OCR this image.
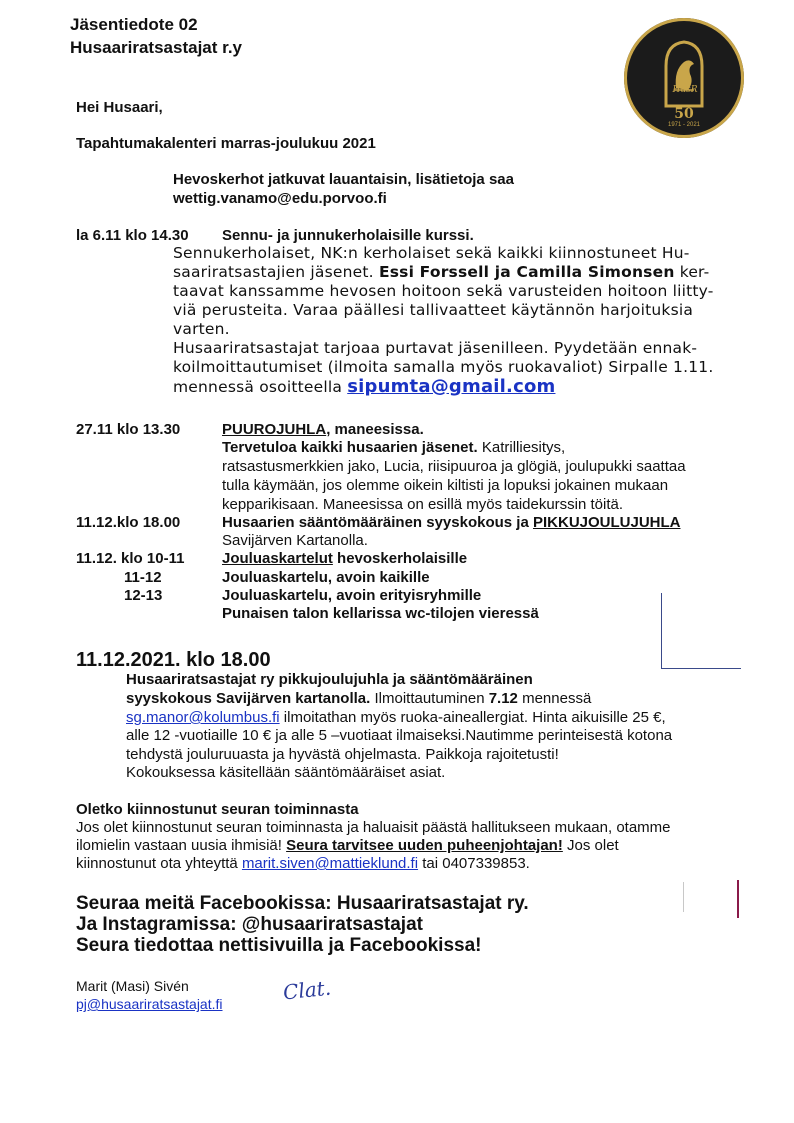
Jäsentiedote 02
Husaariratsastajat r.y
HusR
50
1971 - 2021
Hei Husaari,
Tapahtumakalenteri marras-joulukuu 2021
Hevoskerhot jatkuvat lauantaisin, lisätietoja saa
wettig.vanamo@edu.porvoo.fi
la 6.11 klo 14.30 Sennu- ja junnukerholaisille kurssi.
Sennukerholaiset, NK:n kerholaiset sekä kaikki kiinnostuneet Hu-
saariratsastajien jäsenet. Essi Forssell ja Camilla Simonsen ker-
taavat kanssamme hevosen hoitoon sekä varusteiden hoitoon liitty-
viä perusteita. Varaa päällesi tallivaatteet käytännön harjoituksia
varten.
Husaariratsastajat tarjoaa purtavat jäsenilleen. Pyydetään ennak-
koilmoittautumiset (ilmoita samalla myös ruokavaliot) Sirpalle 1.11.
mennessä osoitteella sipumta@gmail.com
27.11 klo 13.30	PUUROJUHLA, maneesissa.
Tervetuloa kaikki husaarien jäsenet. Katrilliesitys,
ratsastusmerkkien jako, Lucia, riisipuuroa ja glögiä, joulupukki saattaa
tulla käymään, jos olemme oikein kiltisti ja lopuksi jokainen mukaan
kepparikisaan. Maneesissa on esillä myös taidekurssin töitä.
11.12.klo 18.00	Husaarien sääntömääräinen syyskokous ja PIKKUJOULUJUHLA
Savijärven Kartanolla.
11.12. klo 10-11	Jouluaskartelut hevoskerholaisille
11-12	Jouluaskartelu, avoin kaikille
12-13	Jouluaskartelu, avoin erityisryhmille
Punaisen talon kellarissa wc-tilojen vieressä
11.12.2021. klo 18.00
Husaariratsastajat ry pikkujoulujuhla ja sääntömääräinen
syyskokous Savijärven kartanolla. Ilmoittautuminen 7.12 mennessä
sg.manor@kolumbus.fi ilmoitathan myös ruoka-aineallergiat. Hinta aikuisille 25 €,
alle 12 -vuotiaille 10 € ja alle 5 –vuotiaat ilmaiseksi.Nautimme perinteisestä kotona
tehdystä jouluruuasta ja hyvästä ohjelmasta. Paikkoja rajoitetusti!
Kokouksessa käsitellään sääntömääräiset asiat.
Oletko kiinnostunut seuran toiminnasta
Jos olet kiinnostunut seuran toiminnasta ja haluaisit päästä hallitukseen mukaan, otamme
ilomielin vastaan uusia ihmisiä! Seura tarvitsee uuden puheenjohtajan! Jos olet
kiinnostunut ota yhteyttä marit.siven@mattieklund.fi tai 0407339853.
Seuraa meitä Facebookissa: Husaariratsastajat ry.
Ja Instagramissa: @husaariratsastajat
Seura tiedottaa nettisivuilla ja Facebookissa!
Marit (Masi) Sivén
pj@husaariratsastajat.fi	Clat.
